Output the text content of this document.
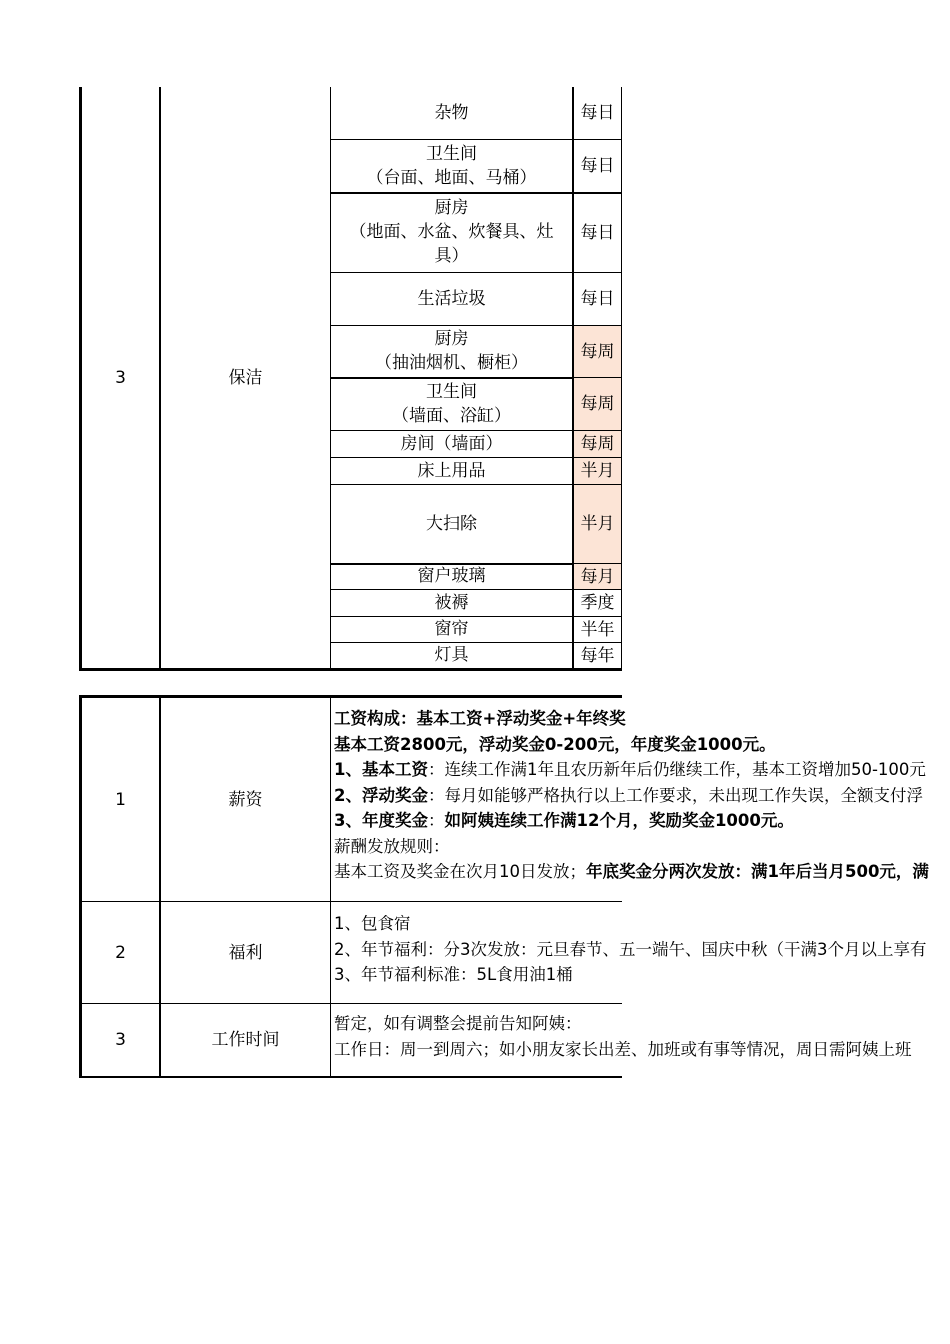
3	保洁
杂物	每日
卫生间
（台面、地面、马桶）
每日
厨房
（地面、水盆、炊餐具、灶具）
每日
生活垃圾	每日
厨房
（抽油烟机、橱柜）
每周
卫生间
（墙面、浴缸）
每周
房间（墙面）	每周
床上用品	半月
大扫除	半月
窗户玻璃	每月
被褥	季度
窗帘	半年
灯具	每年
1	薪资
工资构成：基本工资+浮动奖金+年终奖
基本工资2800元，浮动奖金0-200元，年度奖金1000元。
1、基本工资：连续工作满1年且农历新年后仍继续工作，基本工资增加50-100元
2、浮动奖金：每月如能够严格执行以上工作要求，未出现工作失误，全额支付浮
3、年度奖金：如阿姨连续工作满12个月，奖励奖金1000元。
薪酬发放规则：
基本工资及奖金在次月10日发放；年底奖金分两次发放：满1年后当月500元，满
2	福利
1、包食宿
2、年节福利：分3次发放：元旦春节、五一端午、国庆中秋（干满3个月以上享有
3、年节福利标准：5L食用油1桶
3	工作时间
暂定，如有调整会提前告知阿姨：
工作日：周一到周六；如小朋友家长出差、加班或有事等情况，周日需阿姨上班
